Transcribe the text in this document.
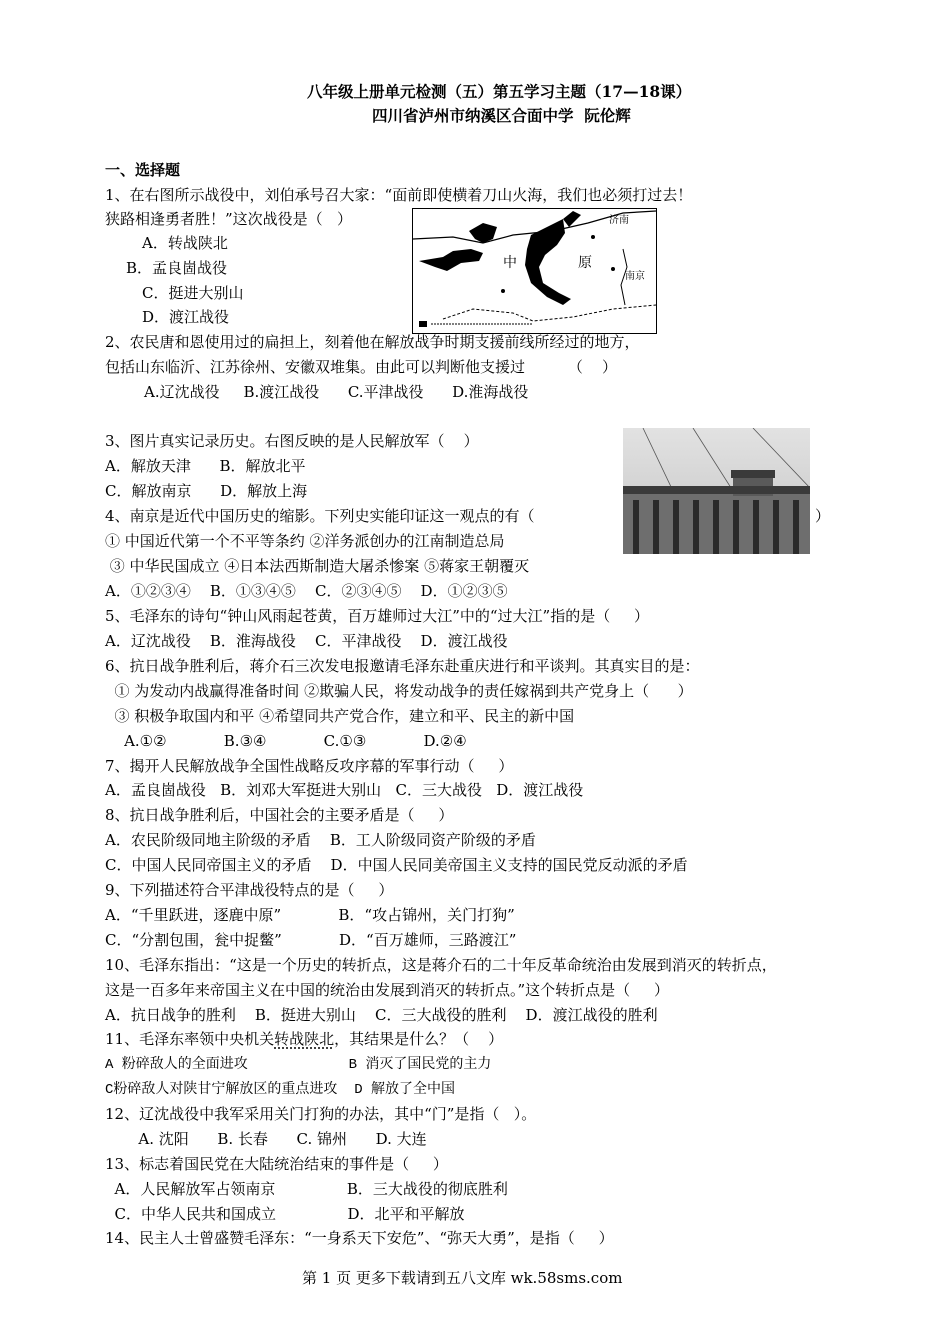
八年级上册单元检测（五）第五学习主题（17—18课）
四川省泸州市纳溪区合面中学  阮伦辉
一、选择题
1、在右图所示战役中，刘伯承号召大家：“面前即使横着刀山火海，我们也必须打过去！
狭路相逢勇者胜！”这次战役是（   ）
A．转战陕北
B．孟良崮战役
C．挺进大别山
D．渡江战役
中	原
济南
南京
2、农民唐和恩使用过的扁担上，刻着他在解放战争时期支援前线所经过的地方，
包括山东临沂、江苏徐州、安徽双堆集。由此可以判断他支援过         （    ）
A.辽沈战役     B.渡江战役      C.平津战役      D.淮海战役
3、图片真实记录历史。右图反映的是人民解放军（    ）
A．解放天津      B．解放北平
C．解放南京      D．解放上海
4、南京是近代中国历史的缩影。下列史实能印证这一观点的有（	）
① 中国近代第一个不平等条约 ②洋务派创办的江南制造总局
③ 中华民国成立 ④日本法西斯制造大屠杀惨案 ⑤蒋家王朝覆灭
A．①②③④    B．①③④⑤    C．②③④⑤    D．①②③⑤
5、毛泽东的诗句“钟山风雨起苍黄，百万雄师过大江”中的“过大江”指的是（     ）
A．辽沈战役    B．淮海战役    C．平津战役    D．渡江战役
6、抗日战争胜利后，蒋介石三次发电报邀请毛泽东赴重庆进行和平谈判。其真实目的是：
① 为发动内战赢得准备时间 ②欺骗人民，将发动战争的责任嫁祸到共产党身上（      ）
③ 积极争取国内和平 ④希望同共产党合作，建立和平、民主的新中国
A.①②            B.③④            C.①③            D.②④
7、揭开人民解放战争全国性战略反攻序幕的军事行动（     ）
A．孟良崮战役   B．刘邓大军挺进大别山   C．三大战役   D．渡江战役
8、抗日战争胜利后，中国社会的主要矛盾是（     ）
A．农民阶级同地主阶级的矛盾    B．工人阶级同资产阶级的矛盾
C．中国人民同帝国主义的矛盾    D．中国人民同美帝国主义支持的国民党反动派的矛盾
9、下列描述符合平津战役特点的是（     ）
A．“千里跃进，逐鹿中原”            B．“攻占锦州，关门打狗”
C．“分割包围，瓮中捉鳖”            D．“百万雄师，三路渡江”
10、毛泽东指出：“这是一个历史的转折点，这是蒋介石的二十年反革命统治由发展到消灭的转折点，
这是一百多年来帝国主义在中国的统治由发展到消灭的转折点。”这个转折点是（     ）
A．抗日战争的胜利    B．挺进大别山    C．三大战役的胜利    D．渡江战役的胜利
11、毛泽东率领中央机关转战陕北，其结果是什么？（    ）
A 粉碎敌人的全面进攻            B 消灭了国民党的主力
C粉碎敌人对陕甘宁解放区的重点进攻  D 解放了全中国
12、辽沈战役中我军采用关门打狗的办法，其中“门”是指（   ）。
A. 沈阳      B. 长春      C. 锦州      D. 大连
13、标志着国民党在大陆统治结束的事件是（     ）
A．人民解放军占领南京               B．三大战役的彻底胜利
C．中华人民共和国成立               D．北平和平解放
14、民主人士曾盛赞毛泽东：“一身系天下安危”、“弥天大勇”，是指（     ）
第 1 页 更多下载请到五八文库 wk.58sms.com
